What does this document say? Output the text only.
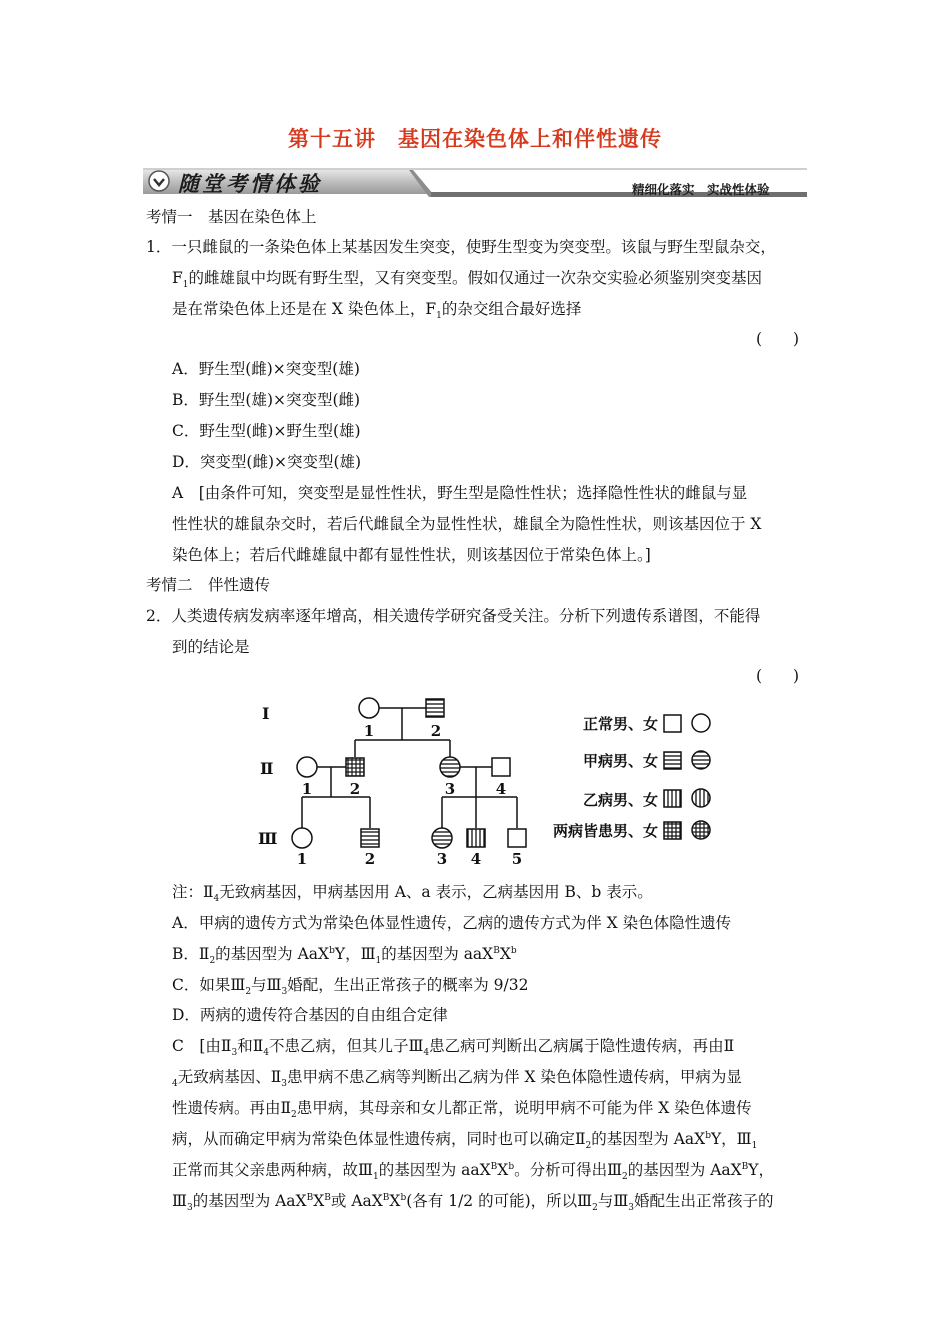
第十五讲　基因在染色体上和伴性遗传
随堂考情体验	精细化落实　实战性体验
考情一　基因在染色体上
1．一只雌鼠的一条染色体上某基因发生突变，使野生型变为突变型。该鼠与野生型鼠杂交，
$F_1$的雌雄鼠中均既有野生型，又有突变型。假如仅通过一次杂交实验必须鉴别突变基因
是在常染色体上还是在 X 染色体上，$F_1$的杂交组合最好选择
(　　)
A．野生型(雌)×突变型(雄)
B．野生型(雄)×突变型(雌)
C．野生型(雌)×野生型(雄)
D．突变型(雌)×突变型(雄)
A　[由条件可知，突变型是显性性状，野生型是隐性性状；选择隐性性状的雌鼠与显
性性状的雄鼠杂交时，若后代雌鼠全为显性性状，雄鼠全为隐性性状，则该基因位于 X
染色体上；若后代雌雄鼠中都有显性性状，则该基因位于常染色体上。]
考情二　伴性遗传
2．人类遗传病发病率逐年增高，相关遗传学研究备受关注。分析下列遗传系谱图，不能得
到的结论是
(　　)
Ⅰ
Ⅱ
Ⅲ
1	2
1	2	3	4
1	2	3 4 5
正常男、女
甲病男、女
乙病男、女
两病皆患男、女
注：$Ⅱ_4$无致病基因，甲病基因用 A、a 表示，乙病基因用 B、b 表示。
A．甲病的遗传方式为常染色体显性遗传，乙病的遗传方式为伴 X 染色体隐性遗传
B．$Ⅱ_2$的基因型为 AaX$^b$Y，$Ⅲ_1$的基因型为 $aaX^BX^b$
C．如果$Ⅲ_2$与$Ⅲ_3$婚配，生出正常孩子的概率为 9/32
D．两病的遗传符合基因的自由组合定律
C　[由$Ⅱ_3$和$Ⅱ_4$不患乙病，但其儿子$Ⅲ_4$患乙病可判断出乙病属于隐性遗传病，再由Ⅱ
$_4$无致病基因、$Ⅱ_3$患甲病不患乙病等判断出乙病为伴 X 染色体隐性遗传病，甲病为显
性遗传病。再由$Ⅱ_2$患甲病，其母亲和女儿都正常，说明甲病不可能为伴 X 染色体遗传
病，从而确定甲病为常染色体显性遗传病，同时也可以确定$Ⅱ_2$的基因型为 AaX$^b$Y，$Ⅲ_1$
正常而其父亲患两种病，故$Ⅲ_1$的基因型为 $aaX^BX^b$。分析可得出$Ⅲ_2$的基因型为 AaX$^B$Y，
$Ⅲ_3$的基因型为 $AaX^BX^B$或 $AaX^BX^b$(各有 1/2 的可能)，所以$Ⅲ_2$与$Ⅲ_3$婚配生出正常孩子的
